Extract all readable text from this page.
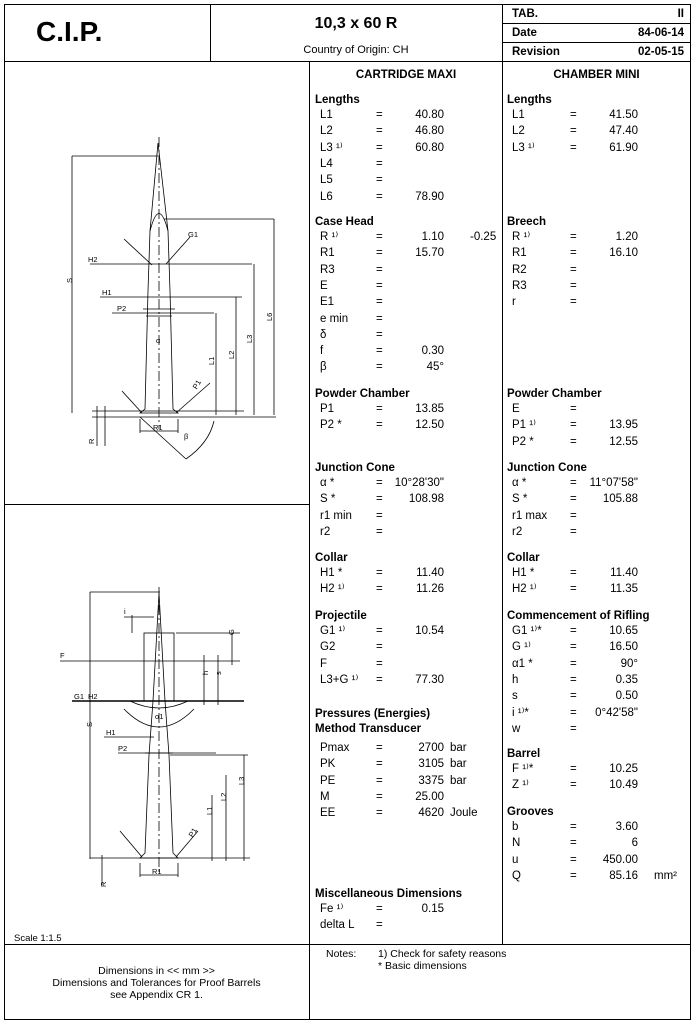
C.I.P.	10,3 x 60 R
Country of Origin: CH
TAB.	II
Date	84-06-14
Revision	02-05-15
CARTRIDGE MAXI	CHAMBER MINI
Lengths
L1	=	40.80
L2	=	46.80
L3 ¹⁾	=	60.80
L4	=
L5	=
L6	=	78.90
Case Head
R ¹⁾	=	1.10 -0.25
R1	=	15.70
R3	=
E	=
E1	=
e min =
δ	=
f	=	0.30
β	=	45°
Powder Chamber
P1	=	13.85
P2 *	=	12.50
Junction Cone
α *	=	10°28'30"
S *	=	108.98
r1 min =
r2	=
Collar
H1 *	=	11.40
H2 ¹⁾	=	11.26
Projectile
G1 ¹⁾	=	10.54
G2	=
F	=
L3+G ¹⁾ =	77.30
Pressures (Energies)
Method Transducer
Pmax =	2700 bar
PK	=	3105 bar
PE	=	3375 bar
M	=	25.00
EE	=	4620 Joule
Miscellaneous Dimensions
Fe ¹⁾	=	0.15
delta L =
Lengths
L1	=	41.50
L2	=	47.40
L3 ¹⁾	=	61.90
Breech
R ¹⁾	=	1.20
R1	=	16.10
R2	=
R3	=
r	=
Powder Chamber
E	=
P1 ¹⁾	=	13.95
P2 *	=	12.55
Junction Cone
α *	=	11°07'58"
S *	=	105.88
r1 max =
r2	=
Collar
H1 *	=	11.40
H2 ¹⁾	=	11.35
Commencement of Rifling
G1 ¹⁾* =	10.65
G ¹⁾	=	16.50
α1 *	=	90°
h	=	0.35
s	=	0.50
i ¹⁾*	=	0°42'58"
w	=
Barrel
F ¹⁾*	=	10.25
Z ¹⁾	=	10.49
Grooves
b	=	3.60
N	=	6
u	=	450.00
Q	=	85.16 mm²
S
H2
H1
P2
G1
P1
R1
R
β
α
L1
L2
L3
L6
i
G
F
h s
G1 H2
H1
P2
S
P1
R1
R
α1
L1
L2
L3
Scale 1:1.5
Dimensions in << mm >>
Dimensions and Tolerances for Proof Barrels
see Appendix CR 1.
Notes: 1) Check for safety reasons
* Basic dimensions
